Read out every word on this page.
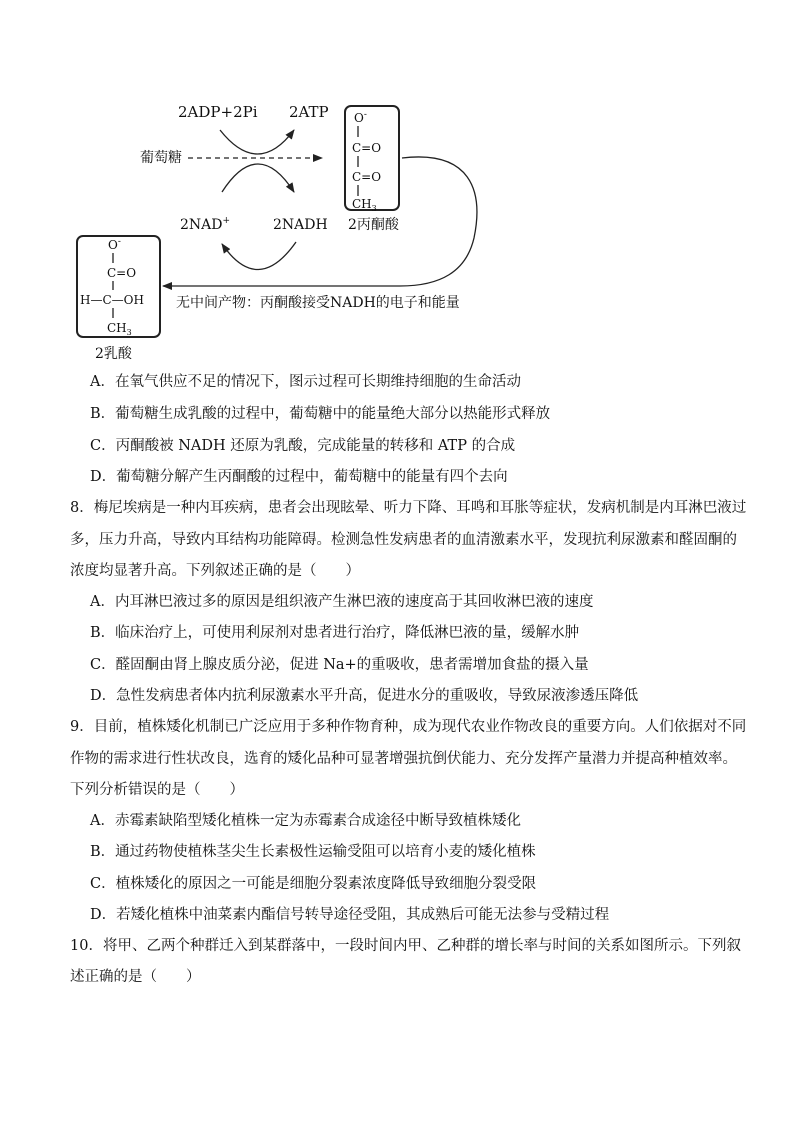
2ADP+2Pi 2ATP
葡萄糖
2NAD+	2NADH
O-
C=O
C=O
$CH_3$
2丙酮酸
O-
C=O
H—C—OH
$CH_3$
2乳酸
无中间产物：丙酮酸接受NADH的电子和能量
A．在氧气供应不足的情况下，图示过程可长期维持细胞的生命活动
B．葡萄糖生成乳酸的过程中，葡萄糖中的能量绝大部分以热能形式释放
C．丙酮酸被 NADH 还原为乳酸，完成能量的转移和 ATP 的合成
D．葡萄糖分解产生丙酮酸的过程中，葡萄糖中的能量有四个去向
8．梅尼埃病是一种内耳疾病，患者会出现眩晕、听力下降、耳鸣和耳胀等症状，发病机制是内耳淋巴液过
多，压力升高，导致内耳结构功能障碍。检测急性发病患者的血清激素水平，发现抗利尿激素和醛固酮的
浓度均显著升高。下列叙述正确的是（　　）
A．内耳淋巴液过多的原因是组织液产生淋巴液的速度高于其回收淋巴液的速度
B．临床治疗上，可使用利尿剂对患者进行治疗，降低淋巴液的量，缓解水肿
C．醛固酮由肾上腺皮质分泌，促进 Na+的重吸收，患者需增加食盐的摄入量
D．急性发病患者体内抗利尿激素水平升高，促进水分的重吸收，导致尿液渗透压降低
9．目前，植株矮化机制已广泛应用于多种作物育种，成为现代农业作物改良的重要方向。人们依据对不同
作物的需求进行性状改良，选育的矮化品种可显著增强抗倒伏能力、充分发挥产量潜力并提高种植效率。
下列分析错误的是（　　）
A．赤霉素缺陷型矮化植株一定为赤霉素合成途径中断导致植株矮化
B．通过药物使植株茎尖生长素极性运输受阻可以培育小麦的矮化植株
C．植株矮化的原因之一可能是细胞分裂素浓度降低导致细胞分裂受限
D．若矮化植株中油菜素内酯信号转导途径受阻，其成熟后可能无法参与受精过程
10．将甲、乙两个种群迁入到某群落中，一段时间内甲、乙种群的增长率与时间的关系如图所示。下列叙
述正确的是（　　）
